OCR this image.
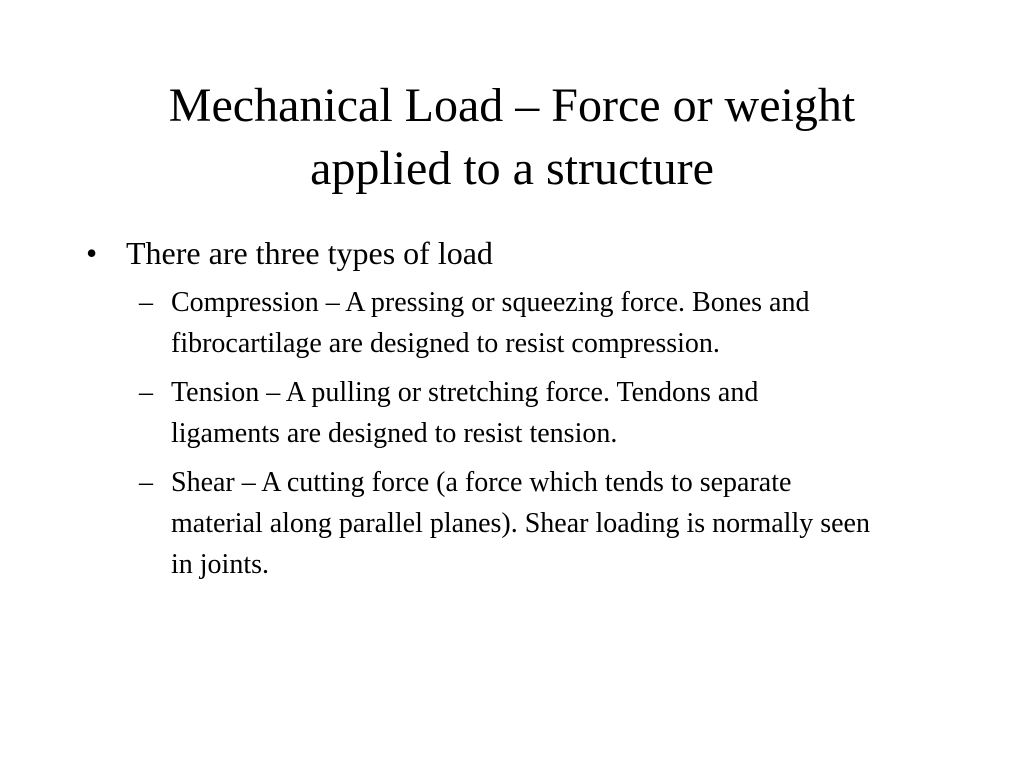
Mechanical Load – Force or weight
applied to a structure
• There are three types of load
– Compression – A pressing or squeezing force. Bones and fibrocartilage are designed to resist compression.
– Tension – A pulling or stretching force. Tendons and ligaments are designed to resist tension.
– Shear – A cutting force (a force which tends to separate material along parallel planes). Shear loading is normally seen in joints.
